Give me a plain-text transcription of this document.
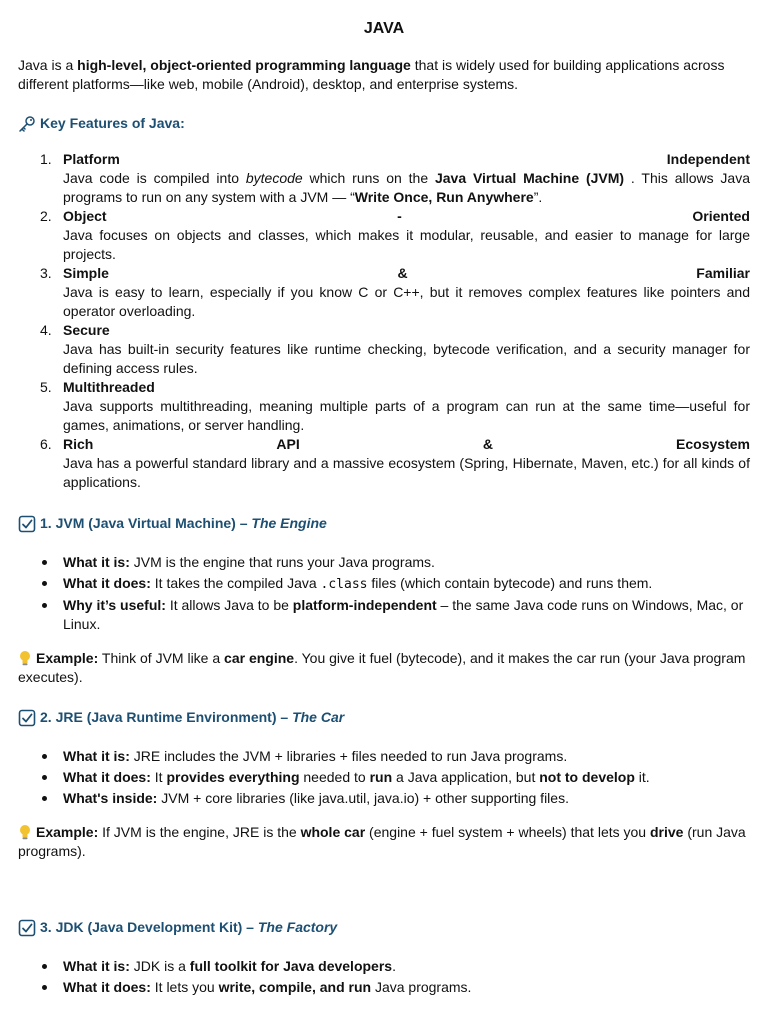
JAVA
Java is a high-level, object-oriented programming language that is widely used for building applications across different platforms—like web, mobile (Android), desktop, and enterprise systems.
Key Features of Java:
1. Platform	Independent
Java code is compiled into bytecode which runs on the Java Virtual Machine (JVM) . This allows Java programs to run on any system with a JVM — “Write Once, Run Anywhere”.
2. Object	-	Oriented
Java focuses on objects and classes, which makes it modular, reusable, and easier to manage for large projects.
3. Simple	&	Familiar
Java is easy to learn, especially if you know C or C++, but it removes complex features like pointers and operator overloading.
4. Secure
Java has built-in security features like runtime checking, bytecode verification, and a security manager for defining access rules.
5. Multithreaded
Java supports multithreading, meaning multiple parts of a program can run at the same time—useful for games, animations, or server handling.
6. Rich	API	&	Ecosystem
Java has a powerful standard library and a massive ecosystem (Spring, Hibernate, Maven, etc.) for all kinds of applications.
1. JVM (Java Virtual Machine) – The Engine
What it is: JVM is the engine that runs your Java programs.
What it does: It takes the compiled Java .class files (which contain bytecode) and runs them.
Why it’s useful: It allows Java to be platform-independent – the same Java code runs on Windows, Mac, or Linux.
Example: Think of JVM like a car engine. You give it fuel (bytecode), and it makes the car run (your Java program executes).
2. JRE (Java Runtime Environment) – The Car
What it is: JRE includes the JVM + libraries + files needed to run Java programs.
What it does: It provides everything needed to run a Java application, but not to develop it.
What's inside: JVM + core libraries (like java.util, java.io) + other supporting files.
Example: If JVM is the engine, JRE is the whole car (engine + fuel system + wheels) that lets you drive (run Java programs).
3. JDK (Java Development Kit) – The Factory
What it is: JDK is a full toolkit for Java developers.
What it does: It lets you write, compile, and run Java programs.
